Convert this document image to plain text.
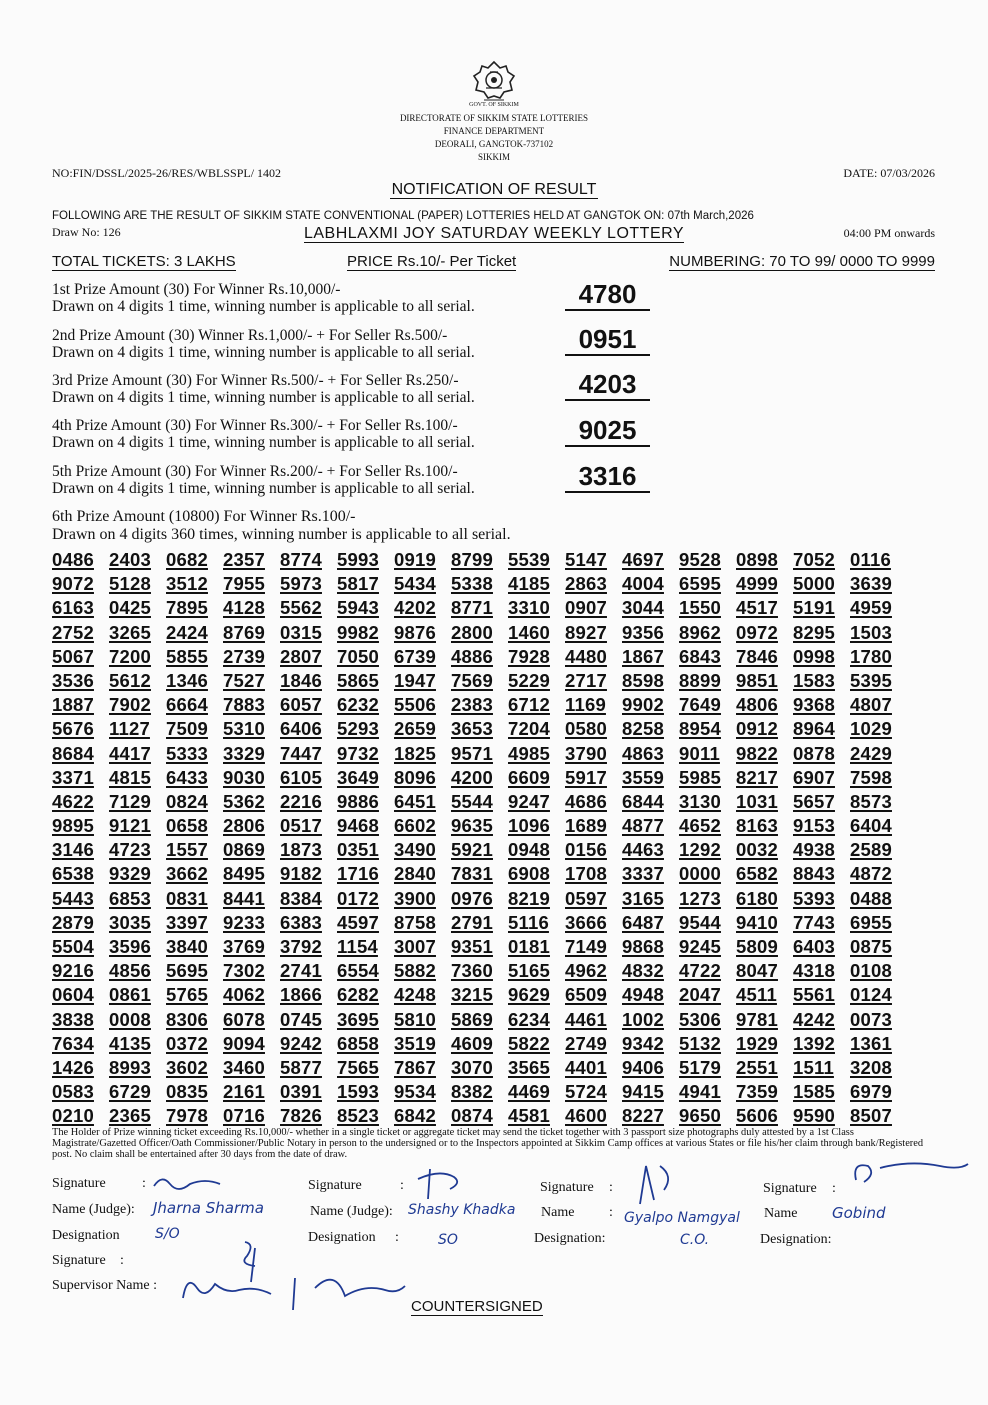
GOVT. OF SIKKIM
DIRECTORATE OF SIKKIM STATE LOTTERIES
FINANCE DEPARTMENT
DEORALI, GANGTOK-737102
SIKKIM
NO:FIN/DSSL/2025-26/RES/WBLSSPL/ 1402	DATE: 07/03/2026
NOTIFICATION OF RESULT
FOLLOWING ARE THE RESULT OF SIKKIM STATE CONVENTIONAL (PAPER) LOTTERIES HELD AT GANGTOK ON: 07th March,2026
Draw No: 126	LABHLAXMI JOY SATURDAY WEEKLY LOTTERY	04:00 PM onwards
TOTAL TICKETS: 3 LAKHS	PRICE Rs.10/- Per Ticket	NUMBERING: 70 TO 99/ 0000 TO 9999
1st Prize Amount (30) For Winner Rs.10,000/-
Drawn on 4 digits 1 time, winning number is applicable to all serial.	4780
2nd Prize Amount (30) Winner Rs.1,000/- + For Seller Rs.500/-
Drawn on 4 digits 1 time, winning number is applicable to all serial.	0951
3rd Prize Amount (30) For Winner Rs.500/- + For Seller Rs.250/-
Drawn on 4 digits 1 time, winning number is applicable to all serial.	4203
4th Prize Amount (30) For Winner Rs.300/- + For Seller Rs.100/-
Drawn on 4 digits 1 time, winning number is applicable to all serial.	9025
5th Prize Amount (30) For Winner Rs.200/- + For Seller Rs.100/-
Drawn on 4 digits 1 time, winning number is applicable to all serial.	3316
6th Prize Amount (10800) For Winner Rs.100/-
Drawn on 4 digits 360 times, winning number is applicable to all serial.
0486 2403 0682 2357 8774 5993 0919 8799 5539 5147 4697 9528 0898 7052 0116
9072 5128 3512 7955 5973 5817 5434 5338 4185 2863 4004 6595 4999 5000 3639
6163 0425 7895 4128 5562 5943 4202 8771 3310 0907 3044 1550 4517 5191 4959
2752 3265 2424 8769 0315 9982 9876 2800 1460 8927 9356 8962 0972 8295 1503
5067 7200 5855 2739 2807 7050 6739 4886 7928 4480 1867 6843 7846 0998 1780
3536 5612 1346 7527 1846 5865 1947 7569 5229 2717 8598 8899 9851 1583 5395
1887 7902 6664 7883 6057 6232 5506 2383 6712 1169 9902 7649 4806 9368 4807
5676 1127 7509 5310 6406 5293 2659 3653 7204 0580 8258 8954 0912 8964 1029
8684 4417 5333 3329 7447 9732 1825 9571 4985 3790 4863 9011 9822 0878 2429
3371 4815 6433 9030 6105 3649 8096 4200 6609 5917 3559 5985 8217 6907 7598
4622 7129 0824 5362 2216 9886 6451 5544 9247 4686 6844 3130 1031 5657 8573
9895 9121 0658 2806 0517 9468 6602 9635 1096 1689 4877 4652 8163 9153 6404
3146 4723 1557 0869 1873 0351 3490 5921 0948 0156 4463 1292 0032 4938 2589
6538 9329 3662 8495 9182 1716 2840 7831 6908 1708 3337 0000 6582 8843 4872
5443 6853 0831 8441 8384 0172 3900 0976 8219 0597 3165 1273 6180 5393 0488
2879 3035 3397 9233 6383 4597 8758 2791 5116 3666 6487 9544 9410 7743 6955
5504 3596 3840 3769 3792 1154 3007 9351 0181 7149 9868 9245 5809 6403 0875
9216 4856 5695 7302 2741 6554 5882 7360 5165 4962 4832 4722 8047 4318 0108
0604 0861 5765 4062 1866 6282 4248 3215 9629 6509 4948 2047 4511 5561 0124
3838 0008 8306 6078 0745 3695 5810 5869 6234 4461 1002 5306 9781 4242 0073
7634 4135 0372 9094 9242 6858 3519 4609 5822 2749 9342 5132 1929 1392 1361
1426 8993 3602 3460 5877 7565 7867 3070 3565 4401 9406 5179 2551 1511 3208
0583 6729 0835 2161 0391 1593 9534 8382 4469 5724 9415 4941 7359 1585 6979
0210 2365 7978 0716 7826 8523 6842 0874 4581 4600 8227 9650 5606 9590 8507
The Holder of Prize winning ticket exceeding Rs.10,000/- whether in a single ticket or aggregate ticket may send the ticket together with 3 passport size photographs duly attested by a 1st Class Magistrate/Gazetted Officer/Oath Commissioner/Public Notary in person to the undersigned or to the Inspectors appointed at Sikkim Camp offices at various States or file his/her claim through bank/Registered post. No claim shall be entertained after 30 days from the date of draw.
Signature	:	Signature	:	Signature :	Signature :
Name (Judge):	Name (Judge):	Name :	Name
Designation	Designation :	Designation:	Designation:
Signature :
Supervisor Name :
Jharna Sharma
S/O
Shashy Khadka
SO
Gyalpo Namgyal
C.O.
Gobind
COUNTERSIGNED
